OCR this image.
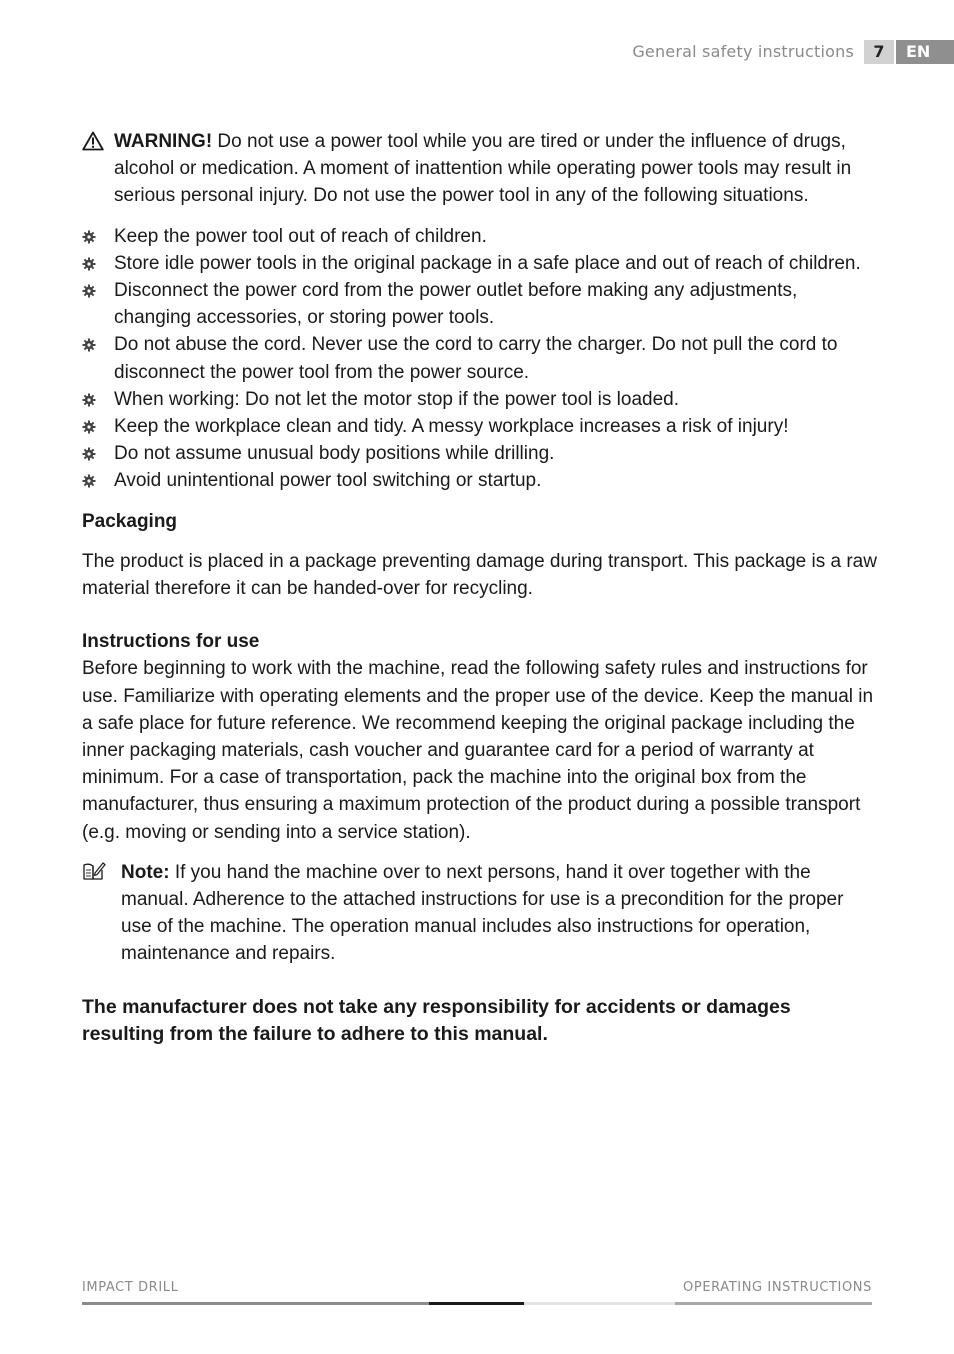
General safety instructions	7	EN
WARNING! Do not use a power tool while you are tired or under the influence of drugs, alcohol or medication. A moment of inattention while operating power tools may result in serious personal injury. Do not use the power tool in any of the following situations.
Keep the power tool out of reach of children.
Store idle power tools in the original package in a safe place and out of reach of children.
Disconnect the power cord from the power outlet before making any adjustments, changing accessories, or storing power tools.
Do not abuse the cord. Never use the cord to carry the charger. Do not pull the cord to disconnect the power tool from the power source.
When working: Do not let the motor stop if the power tool is loaded.
Keep the workplace clean and tidy. A messy workplace increases a risk of injury!
Do not assume unusual body positions while drilling.
Avoid unintentional power tool switching or startup.
Packaging
The product is placed in a package preventing damage during transport. This package is a raw material therefore it can be handed-over for recycling.
Instructions for use
Before beginning to work with the machine, read the following safety rules and instructions for use. Familiarize with operating elements and the proper use of the device. Keep the manual in a safe place for future reference. We recommend keeping the original package including the inner packaging materials, cash voucher and guarantee card for a period of warranty at minimum. For a case of transportation, pack the machine into the original box from the manufacturer, thus ensuring a maximum protection of the product during a possible transport (e.g. moving or sending into a service station).
Note: If you hand the machine over to next persons, hand it over together with the manual. Adherence to the attached instructions for use is a precondition for the proper use of the machine. The operation manual includes also instructions for operation, maintenance and repairs.
The manufacturer does not take any responsibility for accidents or damages resulting from the failure to adhere to this manual.
IMPACT DRILL	OPERATING INSTRUCTIONS
